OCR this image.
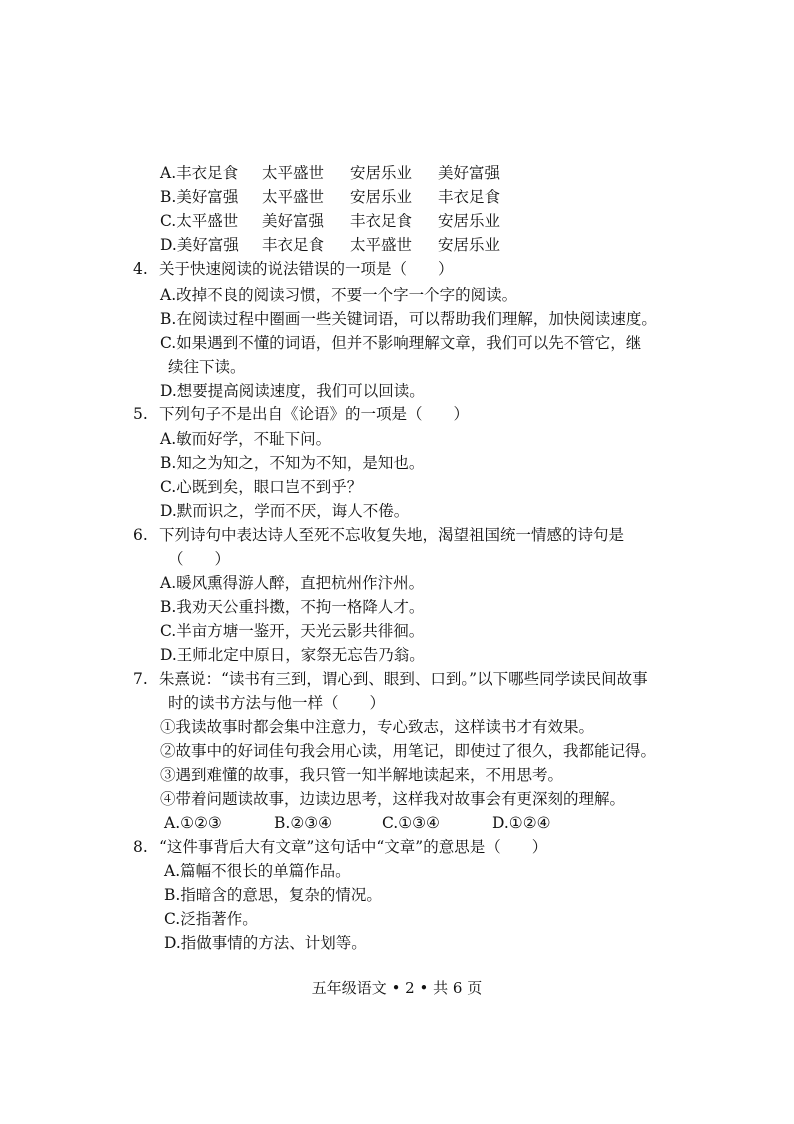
A.丰衣足食 太平盛世 安居乐业 美好富强
B.美好富强 太平盛世 安居乐业 丰衣足食
C.太平盛世 美好富强 丰衣足食 安居乐业
D.美好富强 丰衣足食 太平盛世 安居乐业
4. 关于快速阅读的说法错误的一项是（　　）
A.改掉不良的阅读习惯，不要一个字一个字的阅读。
B.在阅读过程中圈画一些关键词语，可以帮助我们理解，加快阅读速度。
C.如果遇到不懂的词语，但并不影响理解文章，我们可以先不管它，继
续往下读。
D.想要提高阅读速度，我们可以回读。
5. 下列句子不是出自《论语》的一项是（　　）
A.敏而好学，不耻下问。
B.知之为知之，不知为不知，是知也。
C.心既到矣，眼口岂不到乎？
D.默而识之，学而不厌，诲人不倦。
6. 下列诗句中表达诗人至死不忘收复失地，渴望祖国统一情感的诗句是
（　　）
A.暖风熏得游人醉，直把杭州作汴州。
B.我劝天公重抖擞，不拘一格降人才。
C.半亩方塘一鉴开，天光云影共徘徊。
D.王师北定中原日，家祭无忘告乃翁。
7. 朱熹说：“读书有三到，谓心到、眼到、口到。”以下哪些同学读民间故事
时的读书方法与他一样（　　）
①我读故事时都会集中注意力，专心致志，这样读书才有效果。
②故事中的好词佳句我会用心读，用笔记，即使过了很久，我都能记得。
③遇到难懂的故事，我只管一知半解地读起来，不用思考。
④带着问题读故事，边读边思考，这样我对故事会有更深刻的理解。
A.①②③	B.②③④	C.①③④	D.①②④
8. “这件事背后大有文章”这句话中“文章”的意思是（　　）
A.篇幅不很长的单篇作品。
B.指暗含的意思，复杂的情况。
C.泛指著作。
D.指做事情的方法、计划等。
五年级语文 • 2 • 共 6 页
